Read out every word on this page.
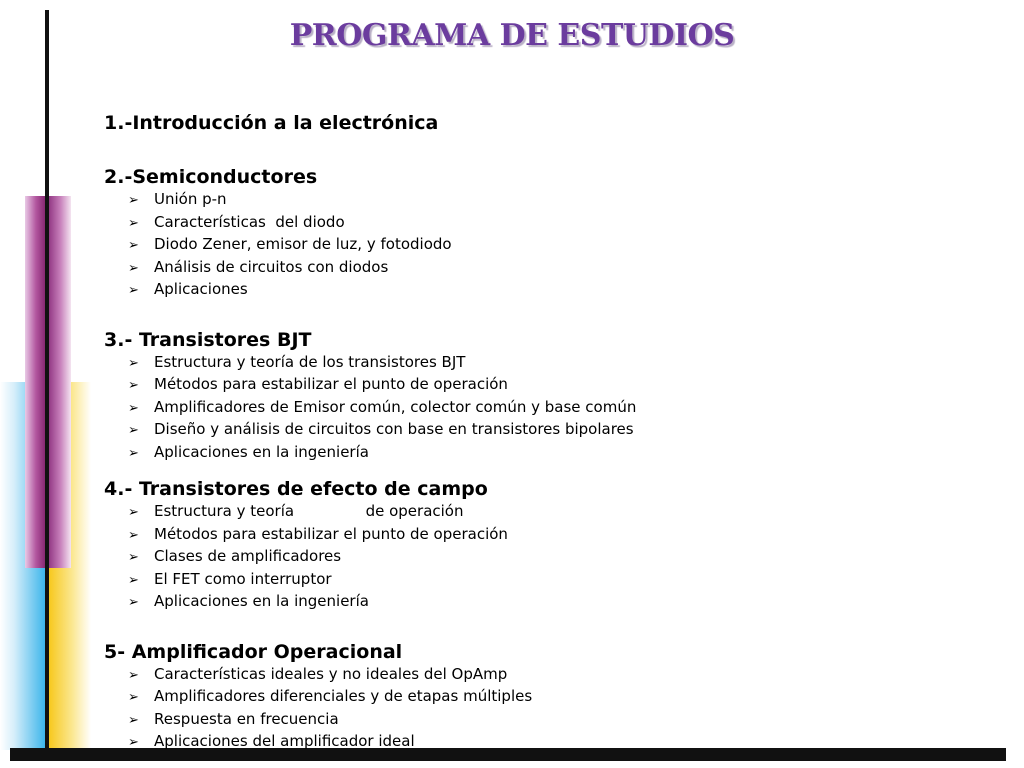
PROGRAMA DE ESTUDIOS

1.-Introducción a la electrónica

2.-Semiconductores

➢ Unión p-n
➢ Características  del diodo
➢ Diodo Zener, emisor de luz, y fotodiodo
➢ Análisis de circuitos con diodos
➢ Aplicaciones

3.- Transistores BJT

➢ Estructura y teoría de los transistores BJT
➢ Métodos para estabilizar el punto de operación
➢ Amplificadores de Emisor común, colector común y base común
➢ Diseño y análisis de circuitos con base en transistores bipolares
➢ Aplicaciones en la ingeniería

4.- Transistores de efecto de campo

➢ Estructura y teoría               de operación
➢ Métodos para estabilizar el punto de operación
➢ Clases de amplificadores
➢ El FET como interruptor
➢ Aplicaciones en la ingeniería

5- Amplificador Operacional

➢ Características ideales y no ideales del OpAmp
➢ Amplificadores diferenciales y de etapas múltiples
➢ Respuesta en frecuencia
➢ Aplicaciones del amplificador ideal
